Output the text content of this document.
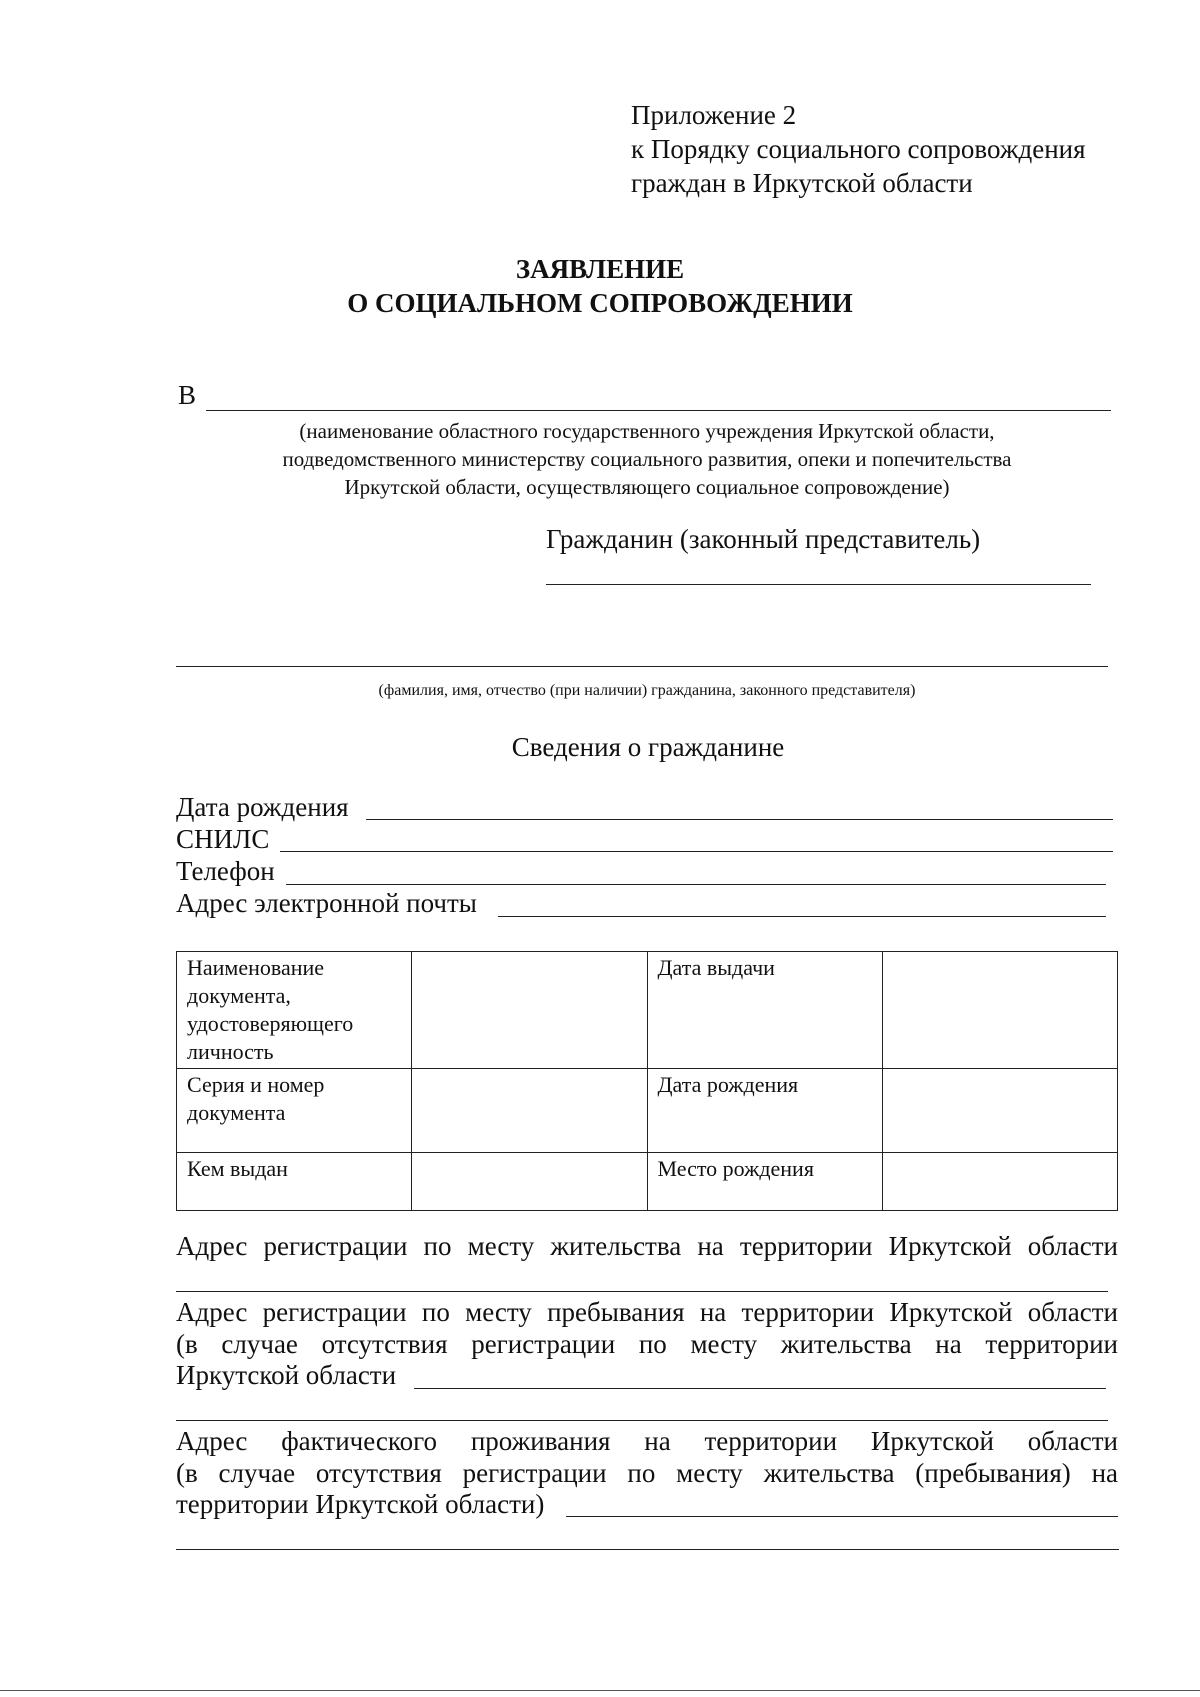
Приложение 2
к Порядку социального сопровождения
граждан в Иркутской области
ЗАЯВЛЕНИЕ
О СОЦИАЛЬНОМ СОПРОВОЖДЕНИИ
В
(наименование областного государственного учреждения Иркутской области,
подведомственного министерству социального развития, опеки и попечительства
Иркутской области, осуществляющего социальное сопровождение)
Гражданин (законный представитель)
(фамилия, имя, отчество (при наличии) гражданина, законного представителя)
Сведения о гражданине
Дата рождения
СНИЛС
Телефон
Адрес электронной почты
Наименование документа, удостоверяющего личность		Дата выдачи	
Серия и номер документа		Дата рождения	
Кем выдан		Место рождения	
Адрес регистрации по месту жительства на территории Иркутской области
Адрес регистрации по месту пребывания на территории Иркутской области
(в случае отсутствия регистрации по месту жительства на территории
Иркутской области
Адрес фактического проживания на территории Иркутской области
(в случае отсутствия регистрации по месту жительства (пребывания) на
территории Иркутской области)
